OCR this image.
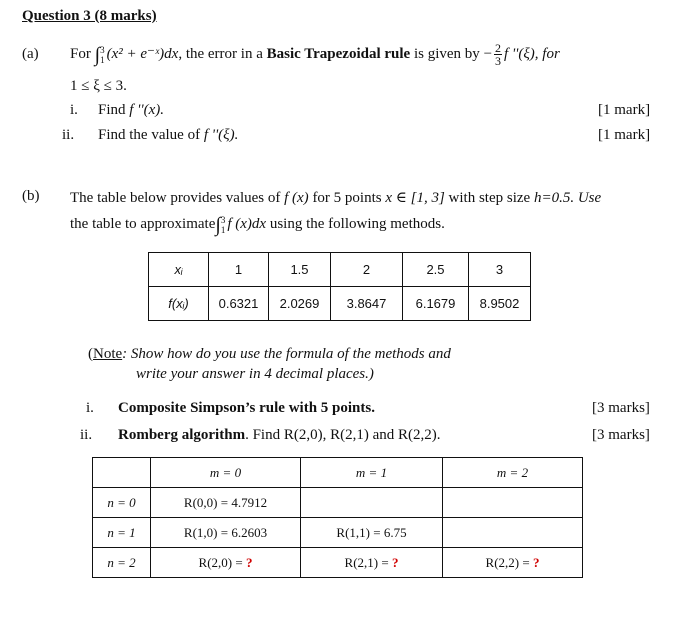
Question 3 (8 marks)
(a) For ∫ 3
1 (x² + e⁻ˣ)dx, the error in a Basic Trapezoidal rule is given by − $\frac{2}{3}$ f ''(ξ), for
1 ≤ ξ ≤ 3.
i. Find f ''(x).	[1 mark]
ii. Find the value of f ''(ξ).	[1 mark]
(b) The table below provides values of f (x) for 5 points x ∈ [1, 3] with step size h=0.5. Use
the table to approximate∫ 3
1 f (x)dx using the following methods.
xᵢ	1	1.5	2	2.5	3
f(xᵢ)	0.6321	2.0269	3.8647	6.1679	8.9502
(Note: Show how do you use the formula of the methods and
write your answer in 4 decimal places.)
i. Composite Simpson’s rule with 5 points.	[3 marks]
ii. Romberg algorithm. Find R(2,0), R(2,1) and R(2,2).	[3 marks]
	m = 0	m = 1	m = 2
n = 0	R(0,0) = 4.7912		
n = 1	R(1,0) = 6.2603	R(1,1) = 6.75	
n = 2	R(2,0) = ?	R(2,1) = ?	R(2,2) = ?
